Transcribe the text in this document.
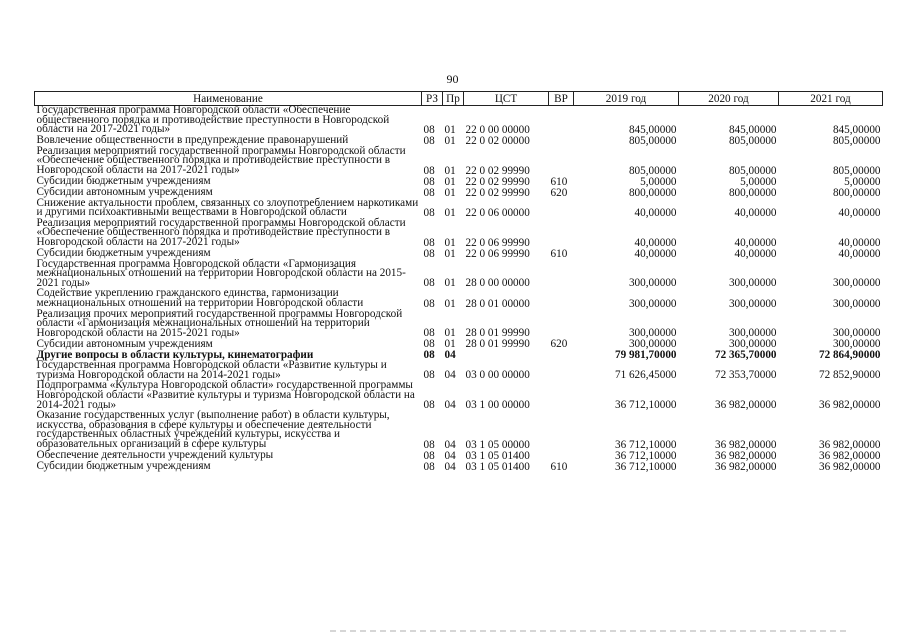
90
Наименование	РЗ	Пр	ЦСТ	ВР	2019 год	2020 год	2021 год
Государственная программа Новгородской области «Обеспечение общественного порядка и противодействие преступности в Новгородской области на 2017-2021 годы»	08	01	22 0 00 00000		845,00000	845,00000	845,00000
Вовлечение общественности в предупреждение правонарушений	08	01	22 0 02 00000		805,00000	805,00000	805,00000
Реализация мероприятий государственной программы Новгородской области «Обеспечение общественного порядка и противодействие преступности в Новгородской области на 2017-2021 годы»	08	01	22 0 02 99990		805,00000	805,00000	805,00000
Субсидии бюджетным учреждениям	08	01	22 0 02 99990	610	5,00000	5,00000	5,00000
Субсидии автономным учреждениям	08	01	22 0 02 99990	620	800,00000	800,00000	800,00000
Снижение актуальности проблем, связанных со злоупотреблением наркотиками и другими психоактивными веществами в Новгородской области	08	01	22 0 06 00000		40,00000	40,00000	40,00000
Реализация мероприятий государственной программы Новгородской области «Обеспечение общественного порядка и противодействие преступности в Новгородской области на 2017-2021 годы»	08	01	22 0 06 99990		40,00000	40,00000	40,00000
Субсидии бюджетным учреждениям	08	01	22 0 06 99990	610	40,00000	40,00000	40,00000
Государственная программа Новгородской области «Гармонизация межнациональных отношений на территории Новгородской области на 2015-2021 годы»	08	01	28 0 00 00000		300,00000	300,00000	300,00000
Содействие укреплению гражданского единства, гармонизации межнациональных отношений на территории Новгородской области	08	01	28 0 01 00000		300,00000	300,00000	300,00000
Реализация прочих мероприятий государственной программы Новгородской области «Гармонизация межнациональных отношений на территории Новгородской области на 2015-2021 годы»	08	01	28 0 01 99990		300,00000	300,00000	300,00000
Субсидии автономным учреждениям	08	01	28 0 01 99990	620	300,00000	300,00000	300,00000
Другие вопросы в области культуры, кинематографии	08	04			79 981,70000	72 365,70000	72 864,90000
Государственная программа Новгородской области «Развитие культуры и туризма Новгородской области на 2014-2021 годы»	08	04	03 0 00 00000		71 626,45000	72 353,70000	72 852,90000
Подпрограмма «Культура Новгородской области» государственной программы Новгородской области «Развитие культуры и туризма Новгородской области на 2014-2021 годы»	08	04	03 1 00 00000		36 712,10000	36 982,00000	36 982,00000
Оказание государственных услуг (выполнение работ) в области культуры, искусства, образования в сфере культуры и обеспечение деятельности государственных областных учреждений культуры, искусства и образовательных организаций в сфере культуры	08	04	03 1 05 00000		36 712,10000	36 982,00000	36 982,00000
Обеспечение деятельности учреждений культуры	08	04	03 1 05 01400		36 712,10000	36 982,00000	36 982,00000
Субсидии бюджетным учреждениям	08	04	03 1 05 01400	610	36 712,10000	36 982,00000	36 982,00000
